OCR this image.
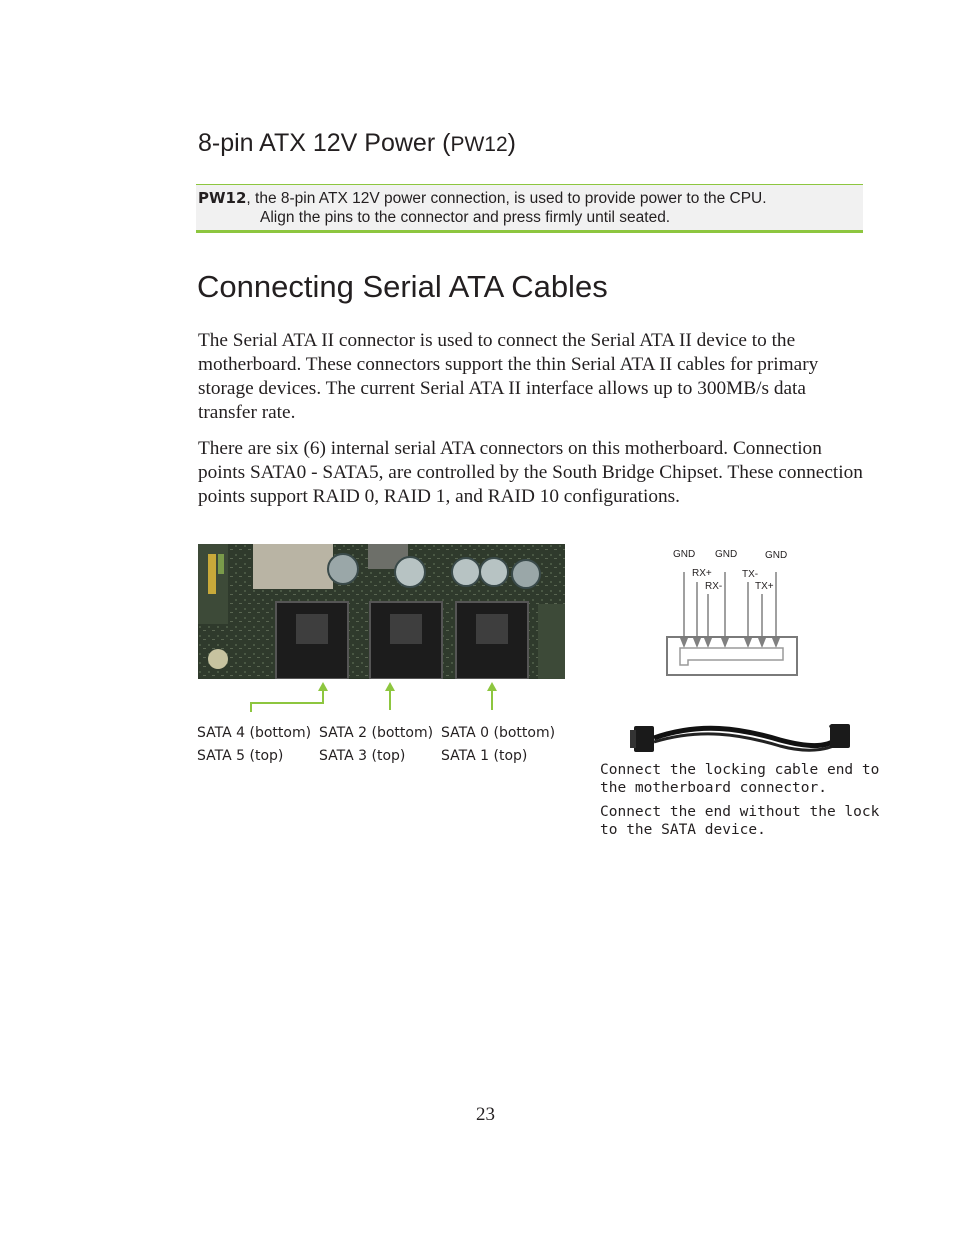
8-pin ATX 12V Power (PW12)
PW12, the 8-pin ATX 12V power connection, is used to provide power to the CPU.
Align the pins to the connector and press firmly until seated.
Connecting Serial ATA Cables

The Serial ATA II connector is used to connect the Serial ATA II device to the motherboard. These connectors support the thin Serial ATA II cables for primary storage devices. The current Serial ATA II interface allows up to 300MB/s data transfer rate.

There are six (6) internal serial ATA connectors on this motherboard. Connection points SATA0 - SATA5, are controlled by the South Bridge Chipset. These connection points support RAID 0, RAID 1, and RAID 10 configurations.

SATA 4 (bottom)
SATA 5 (top)
SATA 2 (bottom)
SATA 3 (top)
SATA 0 (bottom)
SATA 1 (top)
GND GND	GND
RX+
RX-
TX-
TX+
Connect the locking cable end to
the motherboard connector.
Connect the end without the lock
to the SATA device.
23
